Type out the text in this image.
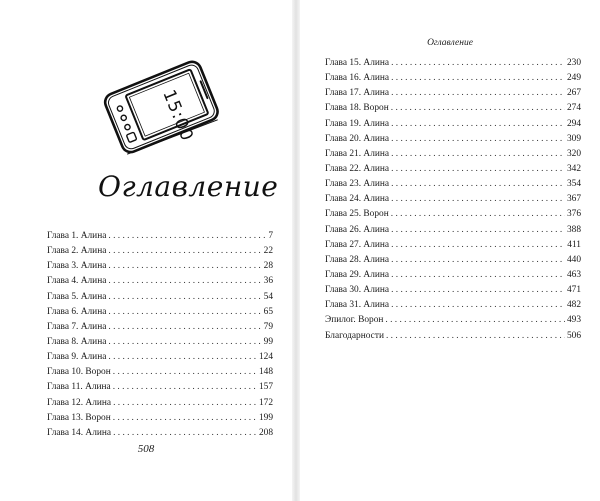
15:00
Оглавление
Глава 1. Алина . . .	7
Глава 2. Алина . . .	22
Глава 3. Алина . . .	28
Глава 4. Алина . . .	36
Глава 5. Алина . . .	54
Глава 6. Алина . . .	65
Глава 7. Алина . . .	79
Глава 8. Алина . . .	99
Глава 9. Алина . . .	124
Глава 10. Ворон . . .	148
Глава 11. Алина . . .	157
Глава 12. Алина . . .	172
Глава 13. Ворон . . .	199
Глава 14. Алина . . .	208
508
Оглавление
Глава 15. Алина . . .	230
Глава 16. Алина . . .	249
Глава 17. Алина . . .	267
Глава 18. Ворон . . .	274
Глава 19. Алина . . .	294
Глава 20. Алина . . .	309
Глава 21. Алина . . .	320
Глава 22. Алина . . .	342
Глава 23. Алина . . .	354
Глава 24. Алина . . .	367
Глава 25. Ворон . . .	376
Глава 26. Алина . . .	388
Глава 27. Алина . . .	411
Глава 28. Алина . . .	440
Глава 29. Алина . . .	463
Глава 30. Алина . . .	471
Глава 31. Алина . . .	482
Эпилог. Ворон . . .	493
Благодарности . . .	506
